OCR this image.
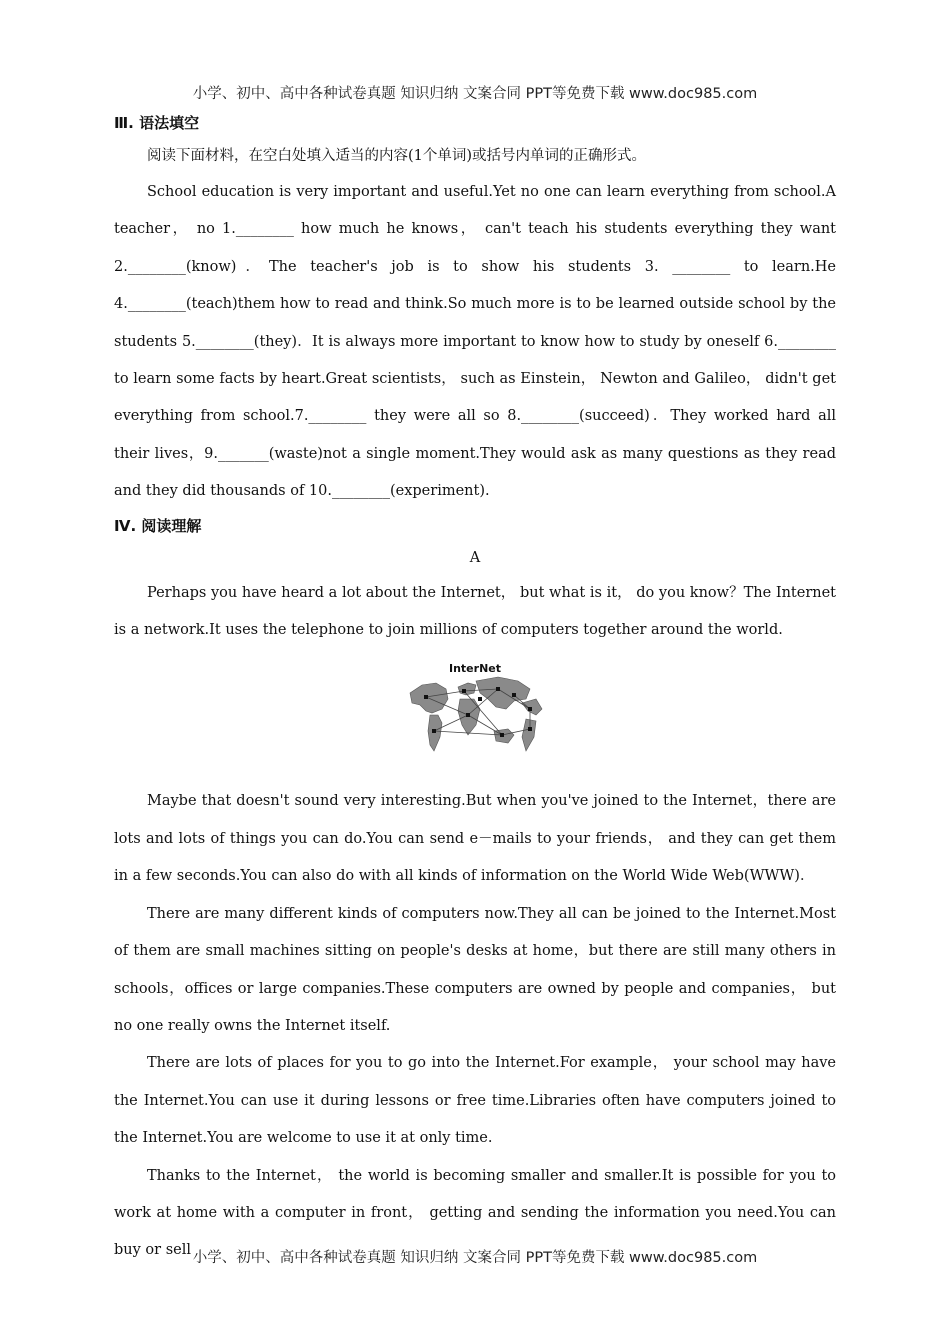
小学、初中、高中各种试卷真题 知识归纳 文案合同 PPT等免费下载 www.doc985.com
Ⅲ. 语法填空

阅读下面材料，在空白处填入适当的内容(1个单词)或括号内单词的正确形式。

School education is very important and useful.Yet no one can learn everything from school.A teacher， no 1.________ how much he knows， can't teach his students everything they want 2.________(know)．The teacher's job is to show his students 3. ________ to learn.He 4.________(teach)them how to read and think.So much more is to be learned outside school by the students 5.________(they)．It is always more important to know how to study by oneself 6.________ to learn some facts by heart.Great scientists， such as Einstein， Newton and Galileo， didn't get everything from school.7.________ they were all so 8.________(succeed)．They worked hard all their lives，9._______(waste)not a single moment.They would ask as many questions as they read and they did thousands of 10.________(experiment).

Ⅳ. 阅读理解
A

Perhaps you have heard a lot about the Internet， but what is it， do you know？The Internet is a network.It uses the telephone to join millions of computers together around the world.

InterNet

Maybe that doesn't sound very interesting.But when you've joined to the Internet，there are lots and lots of things you can do.You can send e－mails to your friends， and they can get them in a few seconds.You can also do with all kinds of information on the World Wide Web(WWW)．

There are many different kinds of computers now.They all can be joined to the Internet.Most of them are small machines sitting on people's desks at home，but there are still many others in schools，offices or large companies.These computers are owned by people and companies， but no one really owns the Internet itself.

There are lots of places for you to go into the Internet.For example， your school may have the Internet.You can use it during lessons or free time.Libraries often have computers joined to the Internet.You are welcome to use it at only time.

Thanks to the Internet， the world is becoming smaller and smaller.It is possible for you to work at home with a computer in front， getting and sending the information you need.You can buy or sell 小学、初中、高中各种试卷真题 知识归纳 文案合同 PPT等免费下载 www.doc985.com
